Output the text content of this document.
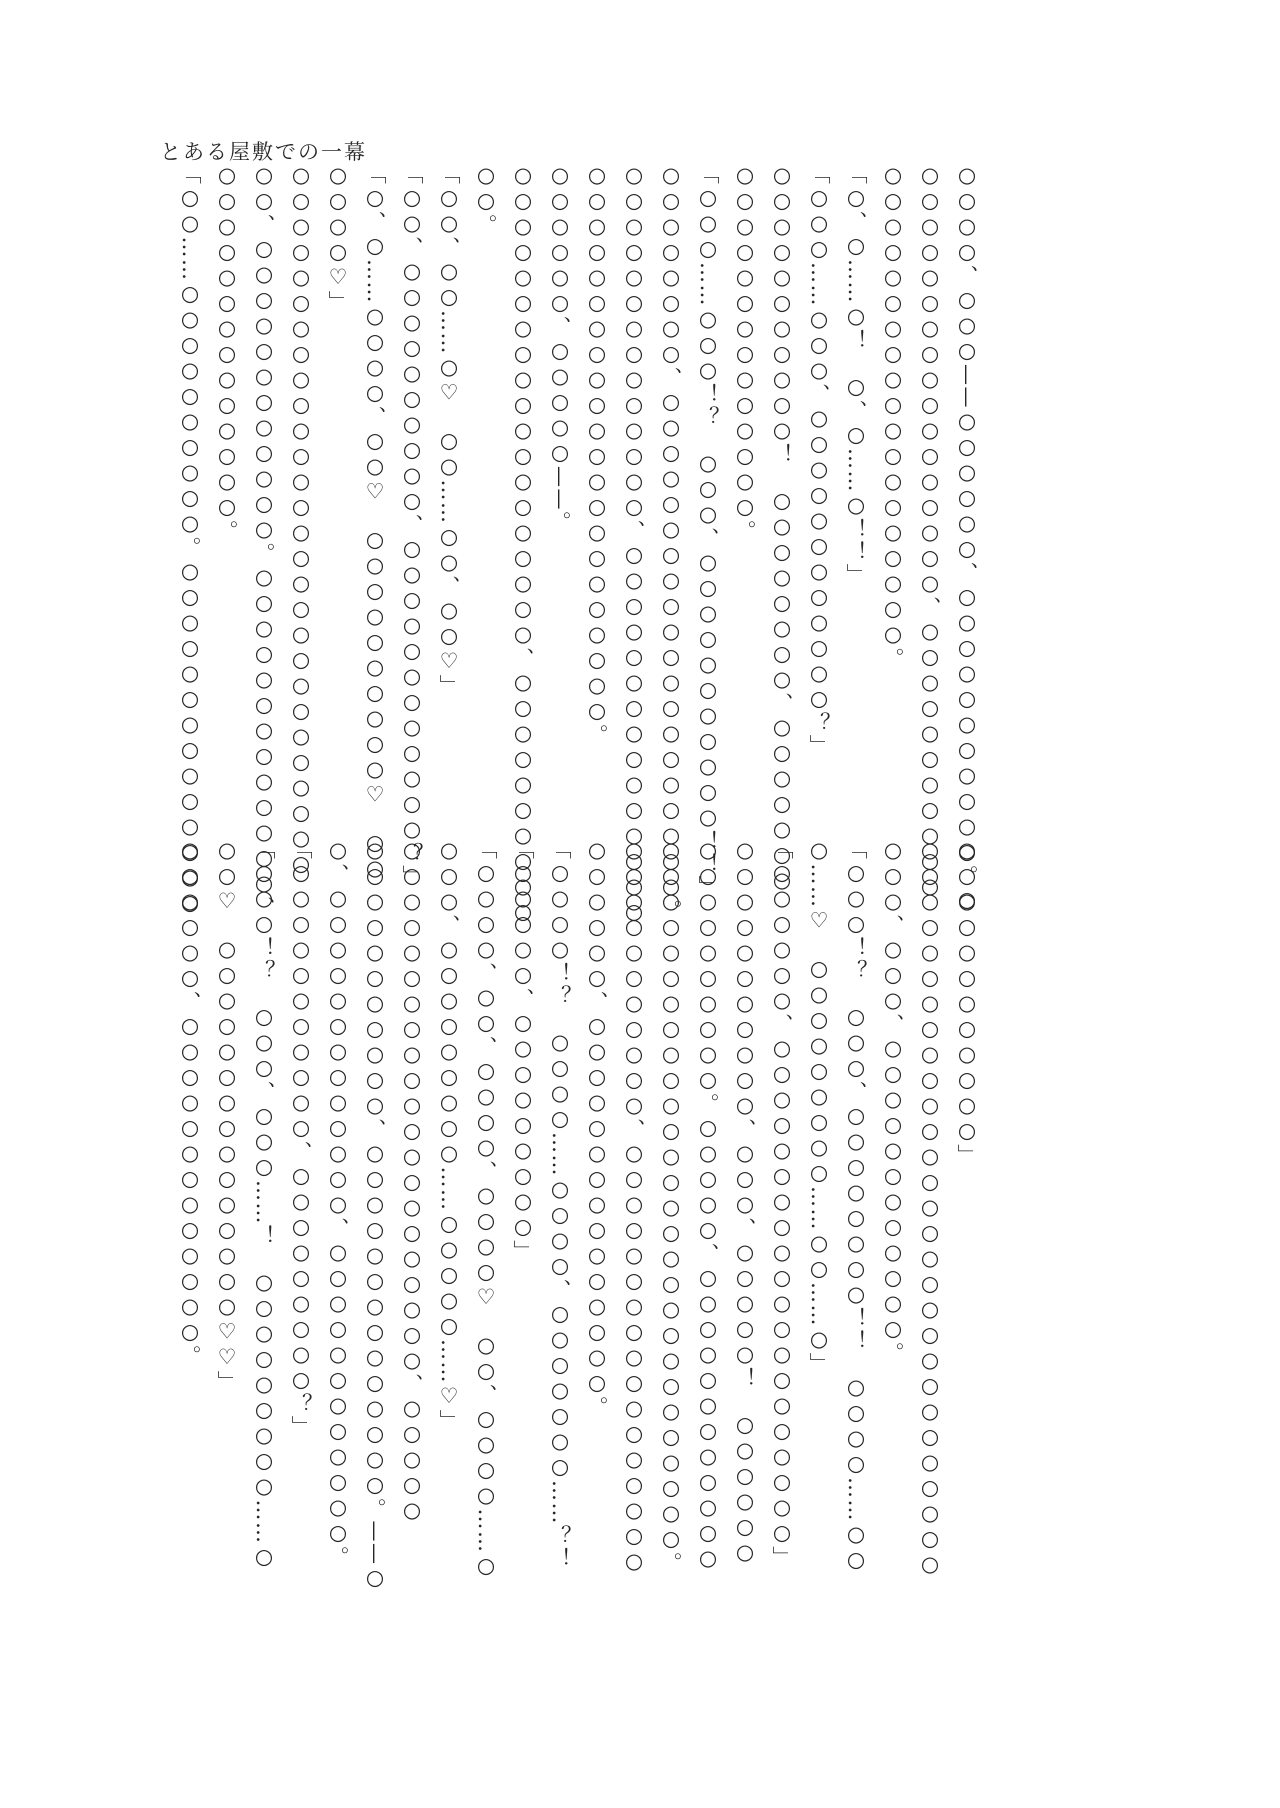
とある屋敷での一幕

○○○○、○○○——○○○○○○、○○○○○○○○○○○。○

○○○○○○○○○○○○○○○○○、○○○○○○○○○○○

○○○○○○○○○○○○○○○○○○○。

「○、○……○！　○、○……○！！」

「○○○……○○○、○○○○○○○○○○○○？」

○○○○○○○○○○○！　○○○○○○○○、○○○○○○○

○○○○○○○○○○○○○○。

「○○○……○○○！？　○○○、○○○○○○○○○○○！！」

○○○○○○○○、○○○○○○○○○○○○○○○○○○○○。

○○○○○○○○○○○○○○、○○○○○○○○○○○○○○○

○○○○○○○○○○○○○○○○○○○○○○。

○○○○○○、○○○○○——。

○○○○○○○○○○○○○○○○○○○、○○○○○○○○○○

○○。

「○○、○○……○♡　○○……○○、○○♡」

「○○、○○○○○○○○○○、○○○○○○○○○○○○？」

「○、○……○○○○、○○♡　○○○○○○○○○○♡　○○

○○○○♡」

○○○○○○○○○○○○○○○○○○○○○○○○○○○○

○○、○○○○○○○○○○○○。○○○○○○○○○○○○○、

○○○○○○○○○○○○○○。

「○○……○○○○○○○○○○。○○○○○○○○○○○○○○

○○○○○○○○○○○○」

○○○○○○○○○○○○○○○○○○○○○○○○○○○○○

○○○、○○○、○○○○○○○○○○○○。

「○○○！？　○○○、○○○○○○○○！！　○○○○……○○

○……♡　○○○○○○○○○……○○……○」

「○○○○○○、○○○○○○○○○○○○○○○○○○○○」

○○○○○○○○○○○、○○○、○○○○○！　○○○○○○

○○○○○○○○○○。○○○○○、○○○○○○○○○○○○

○○○○○○○○○○○○○○○○○○○○○○○○○○○○。

○○○○○○○○○○○、○○○○○○○○○○○○○○○○○

○○○○○○、○○○○○○○○○○○○○○○。

「○○○○！？　○○○○……○○○○、○○○○○○○……？！

「○○○○○、○○○○○○○○○」

「○○○○、○○、○○○○、○○○○♡　○○、○○○○……○

○○○、○○○○○○○○○……○○○○○……♡」

○○○○○○○○○○○○○○○○○○○○○、○○○○○

○○○○○○○○○○○、○○○○○○○○○○○○○○。——○

○、○○○○○○○○○○○○○、○○○○○○○○○○○○。

「○○○○○○○○○○○、○○○○○○○○○？」

「○○○！？　○○○、○○○……！　○○○○○○○○○……○

○○♡　○○○○○○○○○○○○○○○♡♡」

○○○○○○、○○○○○○○○○○○○○。
